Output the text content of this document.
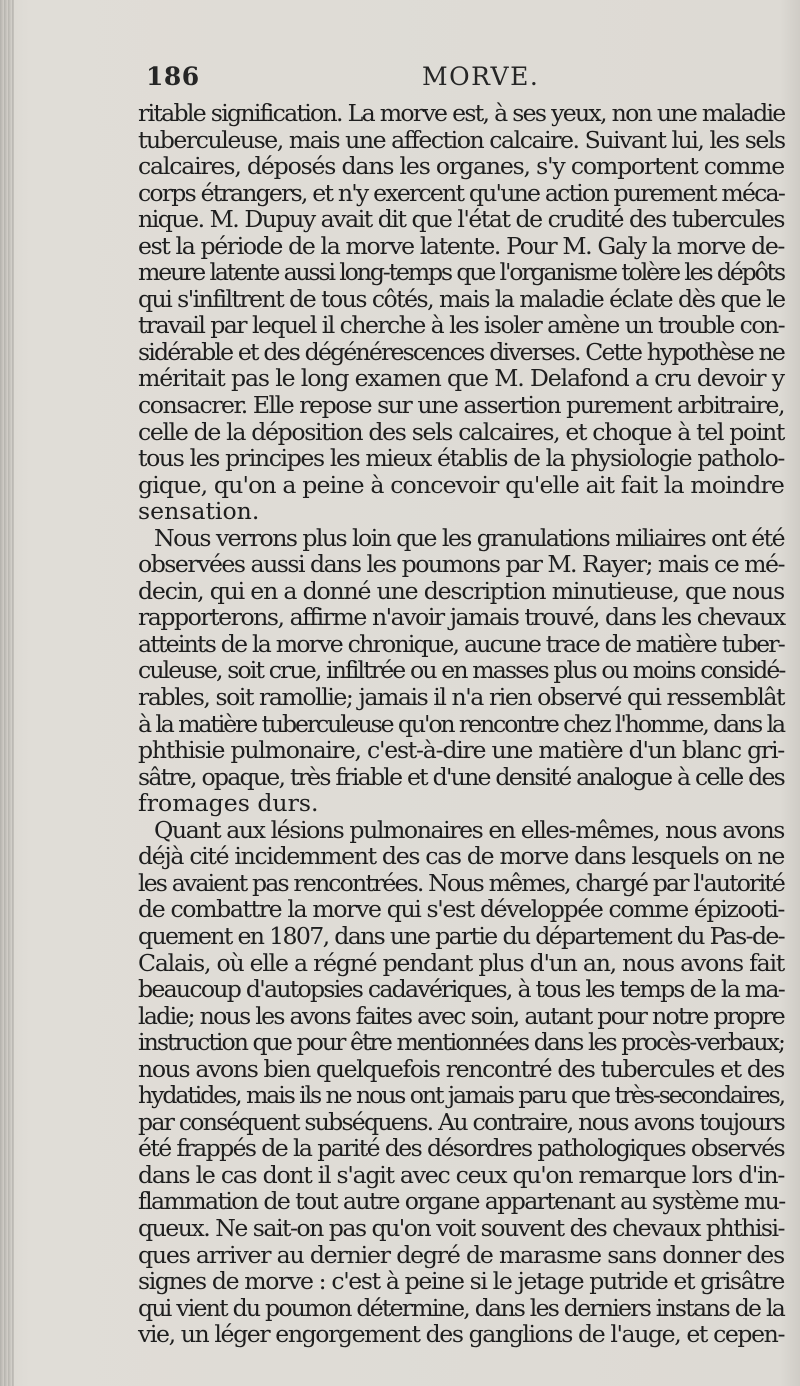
186	MORVE.
ritable signification. La morve est, à ses yeux, non une maladie
tuberculeuse, mais une affection calcaire. Suivant lui, les sels
calcaires, déposés dans les organes, s'y comportent comme
corps étrangers, et n'y exercent qu'une action purement méca-
nique. M. Dupuy avait dit que l'état de crudité des tubercules
est la période de la morve latente. Pour M. Galy la morve de-
meure latente aussi long-temps que l'organisme tolère les dépôts
qui s'infiltrent de tous côtés, mais la maladie éclate dès que le
travail par lequel il cherche à les isoler amène un trouble con-
sidérable et des dégénérescences diverses. Cette hypothèse ne
méritait pas le long examen que M. Delafond a cru devoir y
consacrer. Elle repose sur une assertion purement arbitraire,
celle de la déposition des sels calcaires, et choque à tel point
tous les principes les mieux établis de la physiologie patholo-
gique, qu'on a peine à concevoir qu'elle ait fait la moindre
sensation.
Nous verrons plus loin que les granulations miliaires ont été
observées aussi dans les poumons par M. Rayer; mais ce mé-
decin, qui en a donné une description minutieuse, que nous
rapporterons, affirme n'avoir jamais trouvé, dans les chevaux
atteints de la morve chronique, aucune trace de matière tuber-
culeuse, soit crue, infiltrée ou en masses plus ou moins considé-
rables, soit ramollie; jamais il n'a rien observé qui ressemblât
à la matière tuberculeuse qu'on rencontre chez l'homme, dans la
phthisie pulmonaire, c'est-à-dire une matière d'un blanc gri-
sâtre, opaque, très friable et d'une densité analogue à celle des
fromages durs.
Quant aux lésions pulmonaires en elles-mêmes, nous avons
déjà cité incidemment des cas de morve dans lesquels on ne
les avaient pas rencontrées. Nous mêmes, chargé par l'autorité
de combattre la morve qui s'est développée comme épizooti-
quement en 1807, dans une partie du département du Pas-de-
Calais, où elle a régné pendant plus d'un an, nous avons fait
beaucoup d'autopsies cadavériques, à tous les temps de la ma-
ladie; nous les avons faites avec soin, autant pour notre propre
instruction que pour être mentionnées dans les procès-verbaux;
nous avons bien quelquefois rencontré des tubercules et des
hydatides, mais ils ne nous ont jamais paru que très-secondaires,
par conséquent subséquens. Au contraire, nous avons toujours
été frappés de la parité des désordres pathologiques observés
dans le cas dont il s'agit avec ceux qu'on remarque lors d'in-
flammation de tout autre organe appartenant au système mu-
queux. Ne sait-on pas qu'on voit souvent des chevaux phthisi-
ques arriver au dernier degré de marasme sans donner des
signes de morve : c'est à peine si le jetage putride et grisâtre
qui vient du poumon détermine, dans les derniers instans de la
vie, un léger engorgement des ganglions de l'auge, et cepen-
